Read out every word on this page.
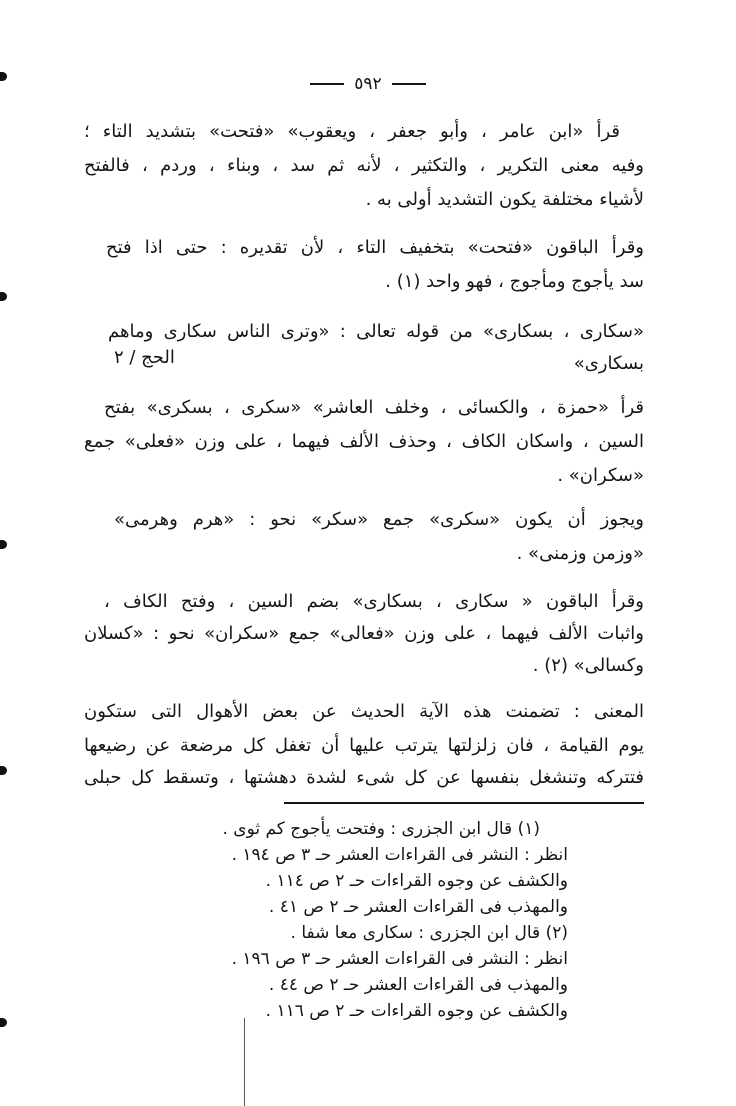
٥٩٢
قرأ «ابن عامر ، وأبو جعفر ، ويعقوب» «فتحت» بتشديد التاء ؛
وفيه معنى التكرير ، والتكثير ، لأنه ثم سد ، وبناء ، وردم ، فالفتح
لأشياء مختلفة يكون التشديد أولى به .
وقرأ الباقون «فتحت» بتخفيف التاء ، لأن تقديره : حتى اذا فتح
سد يأجوج ومأجوج ، فهو واحد (١) .
«سكارى ، بسكارى» من قوله تعالى : «وترى الناس سكارى وماهم
بسكارى»
الحج / ٢
قرأ «حمزة ، والكسائى ، وخلف العاشر» «سكرى ، بسكرى» بفتح
السين ، واسكان الكاف ، وحذف الألف فيهما ، على وزن «فعلى» جمع
«سكران» .
ويجوز أن يكون «سكرى» جمع «سكر» نحو : «هرم وهرمى»
«وزمن وزمنى» .
وقرأ الباقون « سكارى ، بسكارى» بضم السين ، وفتح الكاف ،
واثبات الألف فيهما ، على وزن «فعالى» جمع «سكران» نحو : «كسلان
وكسالى» (٢) .
المعنى : تضمنت هذه الآية الحديث عن بعض الأهوال التى ستكون
يوم القيامة ، فان زلزلتها يترتب عليها أن تغفل كل مرضعة عن رضيعها
فتتركه وتنشغل بنفسها عن كل شىء لشدة دهشتها ، وتسقط كل حبلى
(١) قال ابن الجزرى : وفتحت يأجوج كم ثوى .
انظر : النشر فى القراءات العشر حـ ٣ ص ١٩٤ .
والكشف عن وجوه القراءات حـ ٢ ص ١١٤ .
والمهذب فى القراءات العشر حـ ٢ ص ٤١ .
(٢) قال ابن الجزرى : سكارى معا شفا .
انظر : النشر فى القراءات العشر حـ ٣ ص ١٩٦ .
والمهذب فى القراءات العشر حـ ٢ ص ٤٤ .
والكشف عن وجوه القراءات حـ ٢ ص ١١٦ .
